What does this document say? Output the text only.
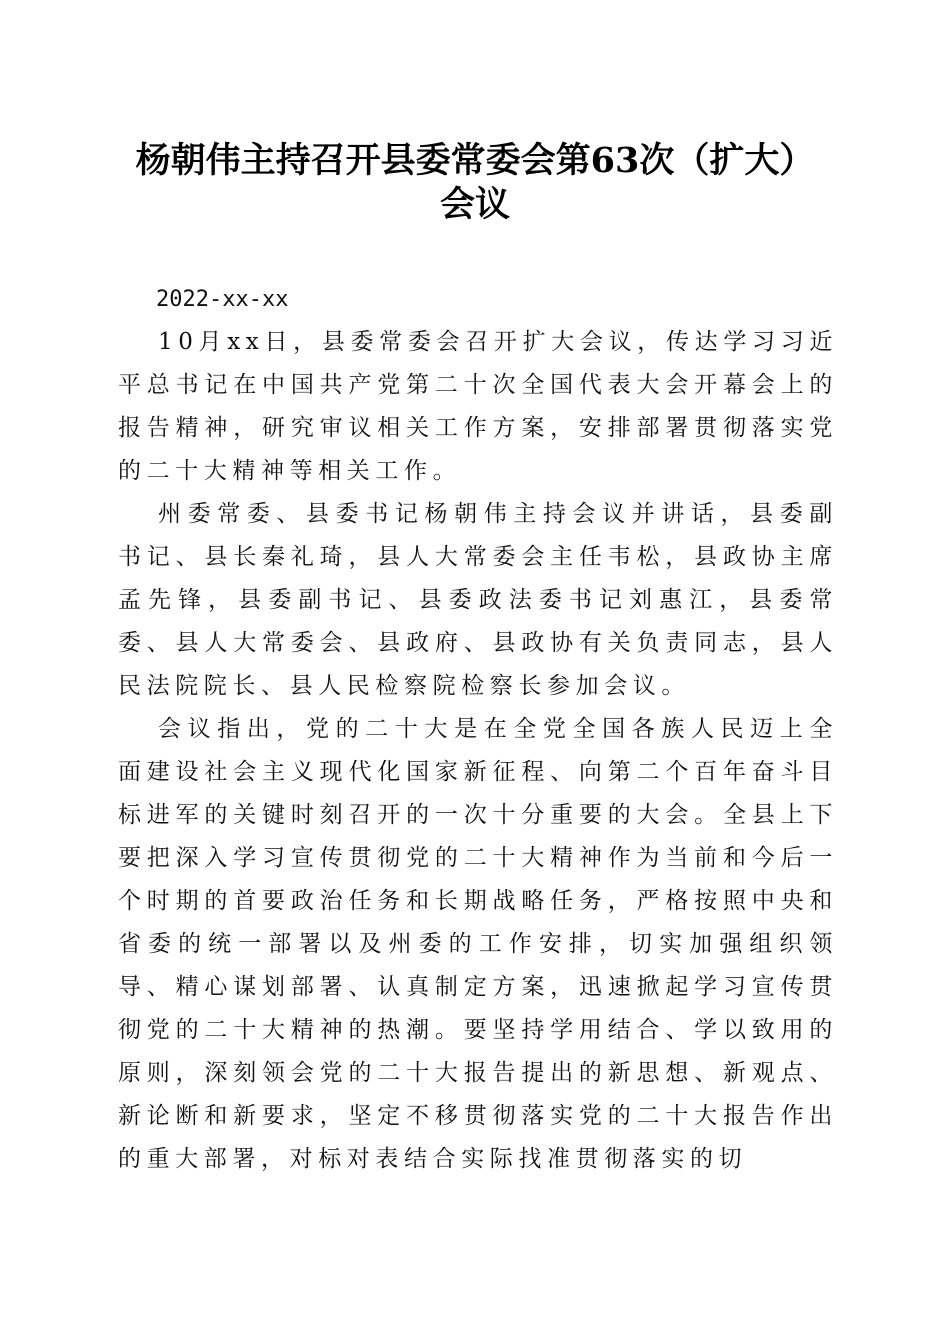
杨朝伟主持召开县委常委会第63次（扩大）
会议

2022-xx-xx

10月xx日，县委常委会召开扩大会议，传达学习习近平总书记在中国共产党第二十次全国代表大会开幕会上的报告精神，研究审议相关工作方案，安排部署贯彻落实党的二十大精神等相关工作。

州委常委、县委书记杨朝伟主持会议并讲话，县委副书记、县长秦礼琦，县人大常委会主任韦松，县政协主席孟先锋，县委副书记、县委政法委书记刘惠江，县委常委、县人大常委会、县政府、县政协有关负责同志，县人民法院院长、县人民检察院检察长参加会议。

会议指出，党的二十大是在全党全国各族人民迈上全面建设社会主义现代化国家新征程、向第二个百年奋斗目标进军的关键时刻召开的一次十分重要的大会。全县上下要把深入学习宣传贯彻党的二十大精神作为当前和今后一个时期的首要政治任务和长期战略任务，严格按照中央和省委的统一部署以及州委的工作安排，切实加强组织领导、精心谋划部署、认真制定方案，迅速掀起学习宣传贯彻党的二十大精神的热潮。要坚持学用结合、学以致用的原则，深刻领会党的二十大报告提出的新思想、新观点、新论断和新要求，坚定不移贯彻落实党的二十大报告作出的重大部署，对标对表结合实际找准贯彻落实的切
